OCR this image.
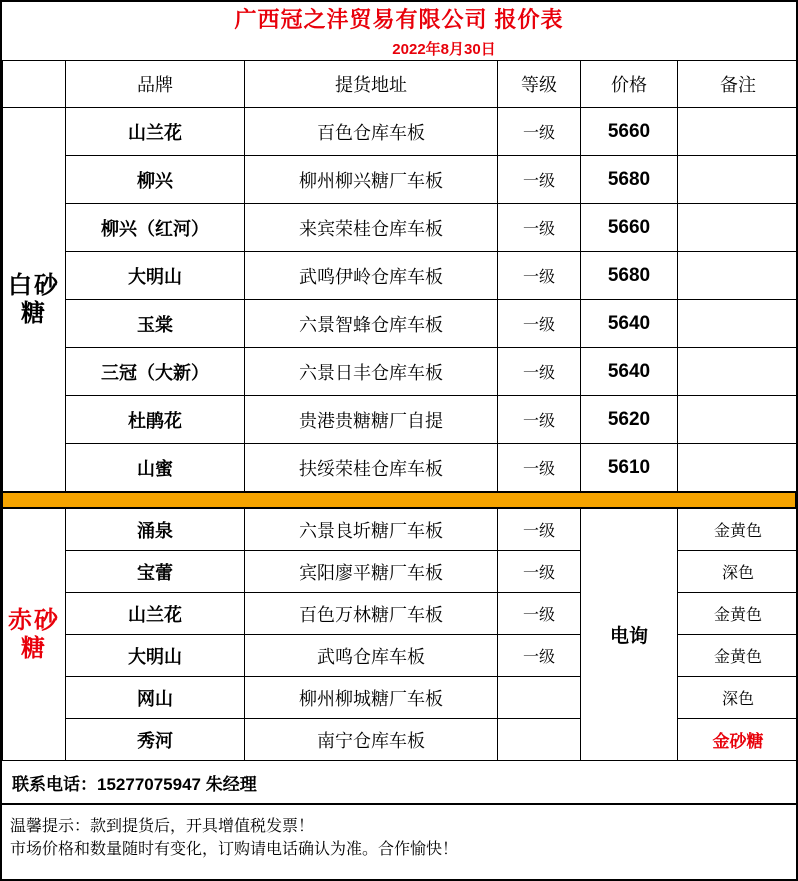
广西冠之沣贸易有限公司 报价表
2022年8月30日
	品牌	提货地址	等级	价格	备注
白砂糖	山兰花	百色仓库车板	一级	5660	
	柳兴	柳州柳兴糖厂车板	一级	5680	
	柳兴（红河）	来宾荣桂仓库车板	一级	5660	
	大明山	武鸣伊岭仓库车板	一级	5680	
	玉棠	六景智蜂仓库车板	一级	5640	
	三冠（大新）	六景日丰仓库车板	一级	5640	
	杜鹃花	贵港贵糖糖厂自提	一级	5620	
	山蜜	扶绥荣桂仓库车板	一级	5610	
赤砂糖	涌泉	六景良圻糖厂车板	一级	电询	金黄色
	宝蕾	宾阳廖平糖厂车板	一级		深色
	山兰花	百色万林糖厂车板	一级		金黄色
	大明山	武鸣仓库车板	一级		金黄色
	网山	柳州柳城糖厂车板			深色
	秀河	南宁仓库车板			金砂糖
联系电话：15277075947 朱经理
温馨提示：款到提货后，开具增值税发票！
市场价格和数量随时有变化，订购请电话确认为准。合作愉快！
